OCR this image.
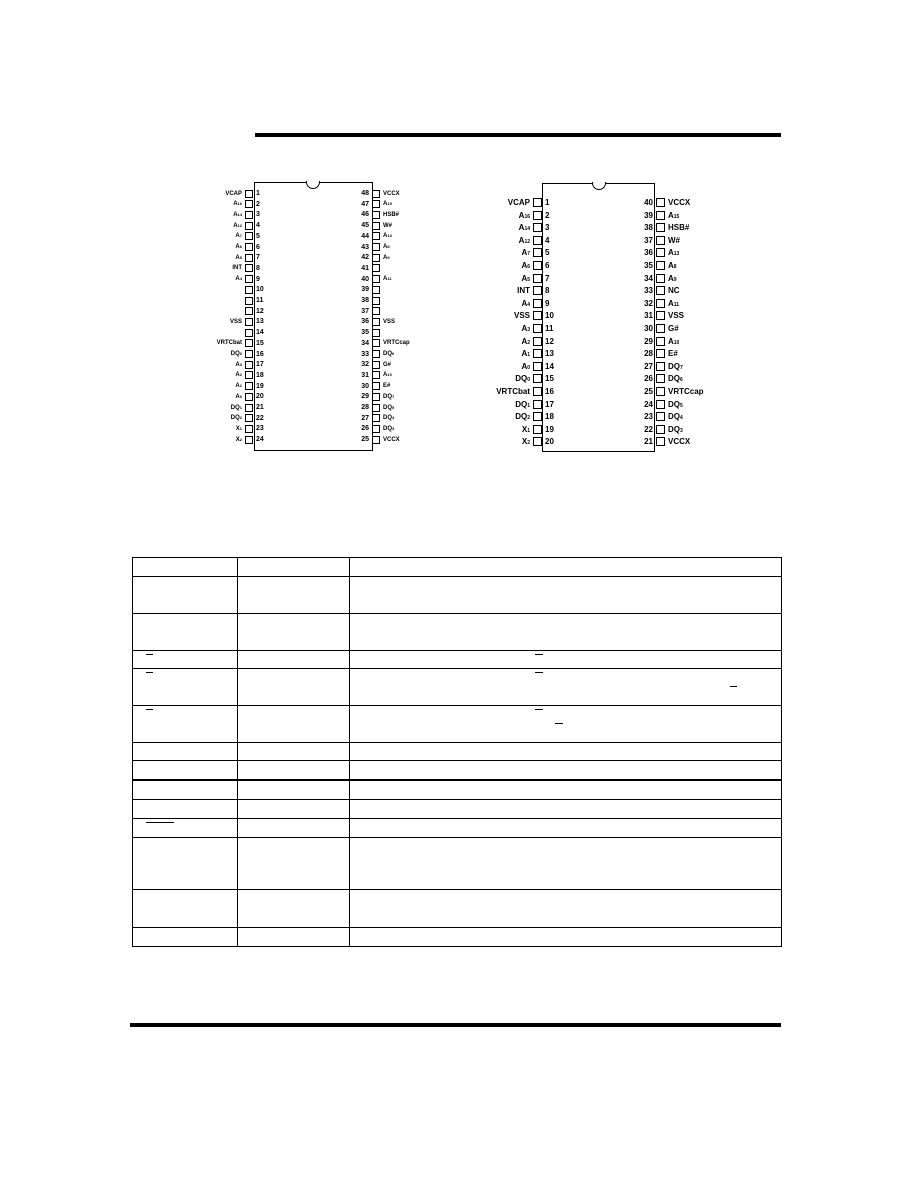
VCAP 1
A16 2
A14 3
A12 4
A7 5
A6 6
A5 7
INT 8
A4 9
10
11
12
VSS 13
14
VRTCbat 15
DQ0 16
A3 17
A2 18
A1 19
A0 20
DQ1 21
DQ2 22
X1 23
X2 24
48 VCCX
47 A15
46 HSB#
45 W#
44 A13
43 A8
42 A9
41
40 A11
39
38
37
36 VSS
35
34 VRTCcap
33 DQ6
32 G#
31 A10
30 E#
29 DQ7
28 DQ5
27 DQ4
26 DQ3
25 VCCX
VCAP 1
A16 2
A14 3
A12 4
A7 5
A6 6
A5 7
INT 8
A4 9
VSS 10
A3 11
A2 12
A1 13
A0 14
DQ0 15
VRTCbat 16
DQ1 17
DQ2 18
X1 19
X2 20
40 VCCX
39 A15
38 HSB#
37 W#
36 A13
35 A8
34 A9
33 NC
32 A11
31 VSS
30 G#
29 A10
28 E#
27 DQ7
26 DQ6
25 VRTCcap
24 DQ5
23 DQ4
22 DQ3
21 VCCX
